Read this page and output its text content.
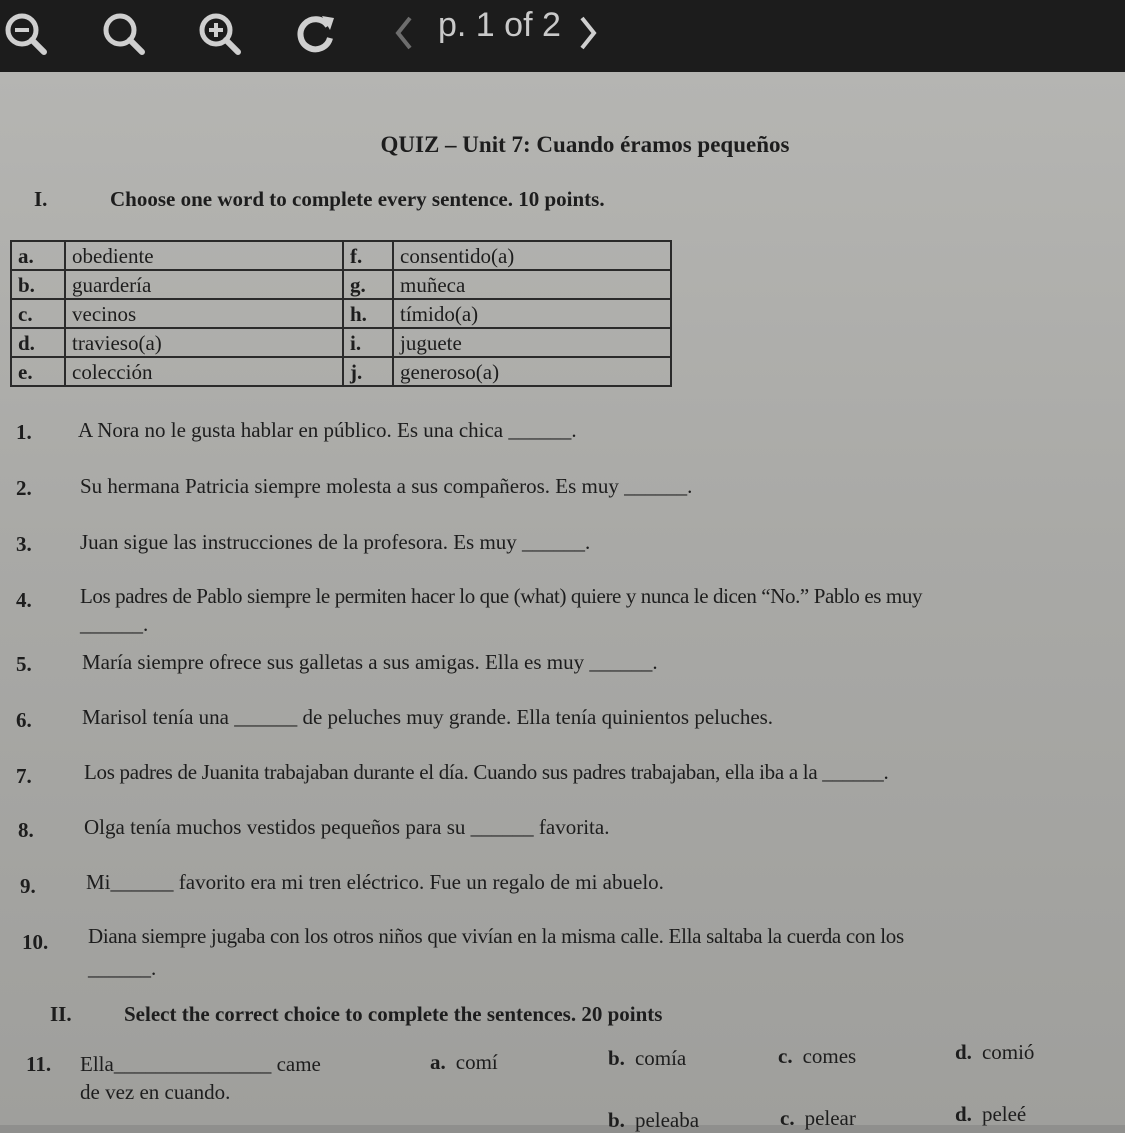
p. 1 of 2
QUIZ – Unit 7: Cuando éramos pequeños
I.	Choose one word to complete every sentence. 10 points.
a.	obediente	f.	consentido(a)
b.	guardería	g.	muñeca
c.	vecinos	h.	tímido(a)
d.	travieso(a)	i.	juguete
e.	colección	j.	generoso(a)
1. A Nora no le gusta hablar en público. Es una chica ______.
2. Su hermana Patricia siempre molesta a sus compañeros. Es muy ______.
3. Juan sigue las instrucciones de la profesora. Es muy ______.
4. Los padres de Pablo siempre le permiten hacer lo que (what) quiere y nunca le dicen “No.” Pablo es muy
______.
5. María siempre ofrece sus galletas a sus amigas. Ella es muy ______.
6. Marisol tenía una ______ de peluches muy grande. Ella tenía quinientos peluches.
7. Los padres de Juanita trabajaban durante el día. Cuando sus padres trabajaban, ella iba a la ______.
8. Olga tenía muchos vestidos pequeños para su ______ favorita.
9. Mi______ favorito era mi tren eléctrico. Fue un regalo de mi abuelo.
10. Diana siempre jugaba con los otros niños que vivían en la misma calle. Ella saltaba la cuerda con los
______.
II. Select the correct choice to complete the sentences. 20 points
11. Ella_______________ came
de vez en cuando.
a. comí	b. comía	c. comes	d. comió
b. peleaba	c. pelear	d. peleé
